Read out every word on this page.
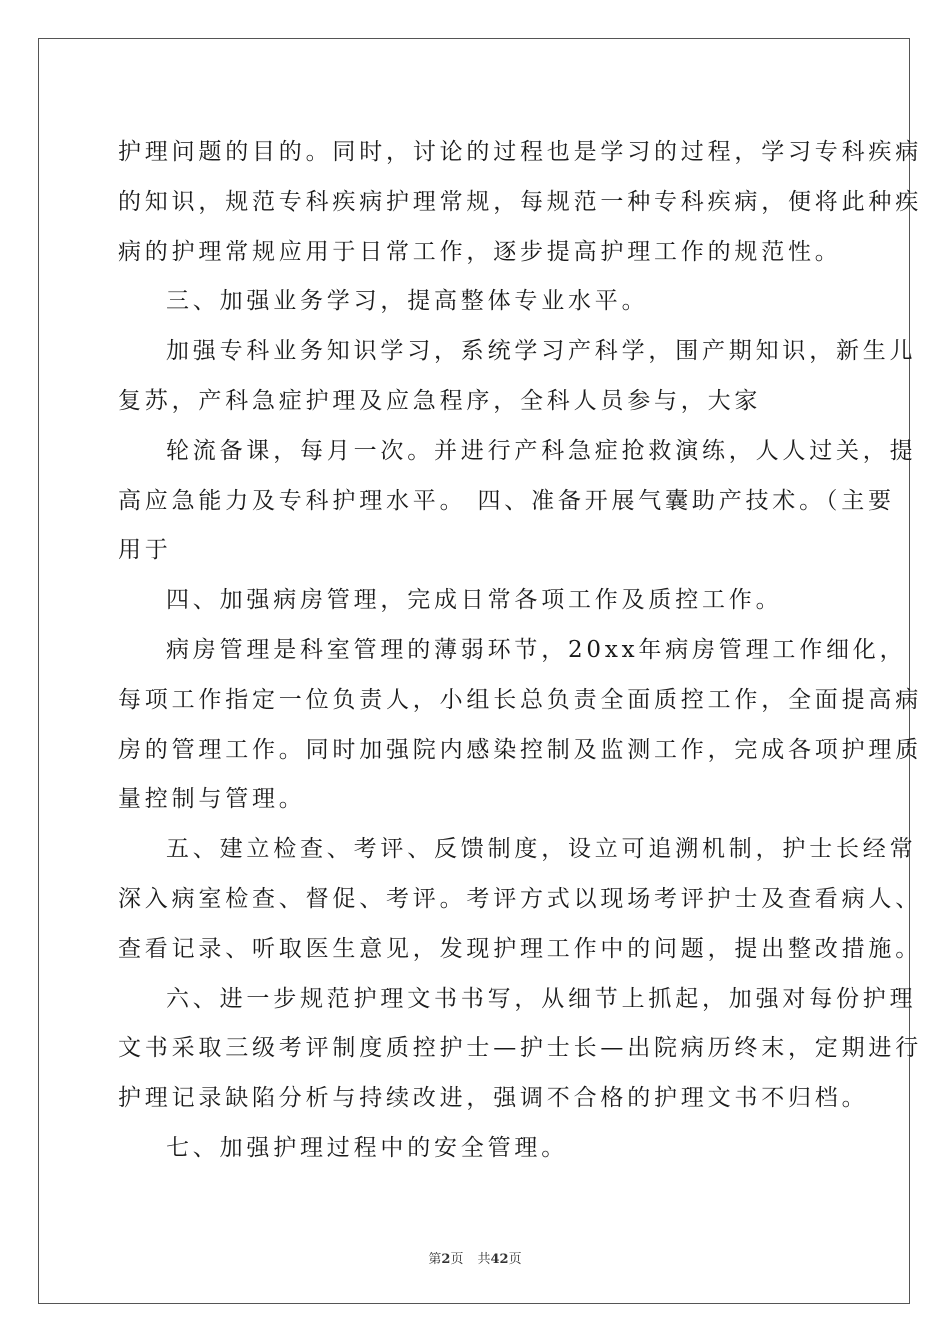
护理问题的目的。同时，讨论的过程也是学习的过程，学习专科疾病

的知识，规范专科疾病护理常规，每规范一种专科疾病，便将此种疾

病的护理常规应用于日常工作，逐步提高护理工作的规范性。

三、加强业务学习，提高整体专业水平。

加强专科业务知识学习，系统学习产科学，围产期知识，新生儿

复苏，产科急症护理及应急程序，全科人员参与，大家

轮流备课，每月一次。并进行产科急症抢救演练，人人过关，提

高应急能力及专科护理水平。 四、准备开展气囊助产技术。（主要

用于

四、加强病房管理，完成日常各项工作及质控工作。

病房管理是科室管理的薄弱环节，20xx年病房管理工作细化，

每项工作指定一位负责人，小组长总负责全面质控工作，全面提高病

房的管理工作。同时加强院内感染控制及监测工作，完成各项护理质

量控制与管理。

五、建立检查、考评、反馈制度，设立可追溯机制，护士长经常

深入病室检查、督促、考评。考评方式以现场考评护士及查看病人、

查看记录、听取医生意见，发现护理工作中的问题，提出整改措施。

六、进一步规范护理文书书写，从细节上抓起，加强对每份护理

文书采取三级考评制度质控护士—护士长—出院病历终末，定期进行

护理记录缺陷分析与持续改进，强调不合格的护理文书不归档。

七、加强护理过程中的安全管理。

第2页 共42页
